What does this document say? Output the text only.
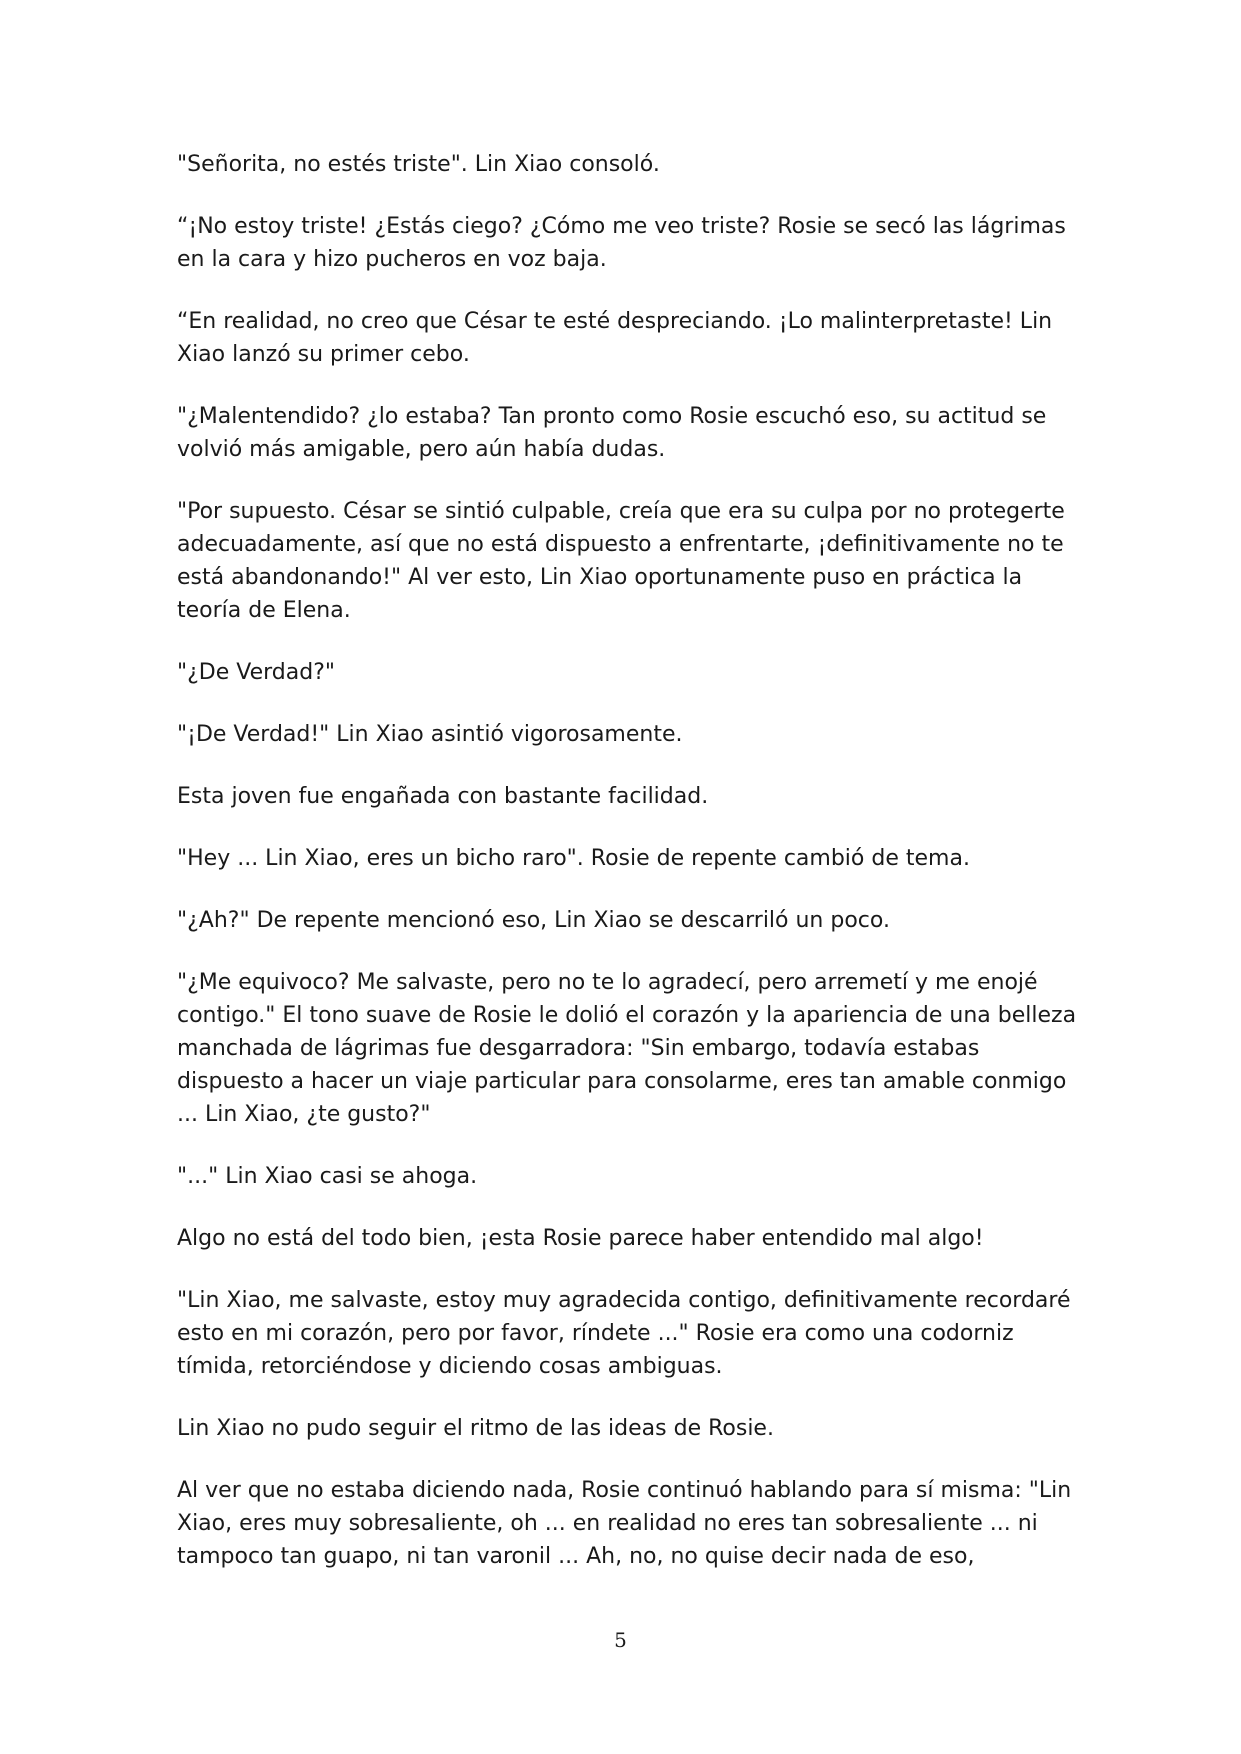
"Señorita, no estés triste". Lin Xiao consoló.

“¡No estoy triste! ¿Estás ciego? ¿Cómo me veo triste? Rosie se secó las lágrimas en la cara y hizo pucheros en voz baja.

“En realidad, no creo que César te esté despreciando. ¡Lo malinterpretaste! Lin Xiao lanzó su primer cebo.

"¿Malentendido? ¿lo estaba? Tan pronto como Rosie escuchó eso, su actitud se volvió más amigable, pero aún había dudas.

"Por supuesto. César se sintió culpable, creía que era su culpa por no protegerte adecuadamente, así que no está dispuesto a enfrentarte, ¡definitivamente no te está abandonando!" Al ver esto, Lin Xiao oportunamente puso en práctica la teoría de Elena.

"¿De Verdad?"

"¡De Verdad!" Lin Xiao asintió vigorosamente.

Esta joven fue engañada con bastante facilidad.

"Hey ... Lin Xiao, eres un bicho raro". Rosie de repente cambió de tema.

"¿Ah?" De repente mencionó eso, Lin Xiao se descarriló un poco.

"¿Me equivoco? Me salvaste, pero no te lo agradecí, pero arremetí y me enojé contigo." El tono suave de Rosie le dolió el corazón y la apariencia de una belleza manchada de lágrimas fue desgarradora: "Sin embargo, todavía estabas dispuesto a hacer un viaje particular para consolarme, eres tan amable conmigo ... Lin Xiao, ¿te gusto?"

"..." Lin Xiao casi se ahoga.

Algo no está del todo bien, ¡esta Rosie parece haber entendido mal algo!

"Lin Xiao, me salvaste, estoy muy agradecida contigo, definitivamente recordaré esto en mi corazón, pero por favor, ríndete ..." Rosie era como una codorniz tímida, retorciéndose y diciendo cosas ambiguas.

Lin Xiao no pudo seguir el ritmo de las ideas de Rosie.

Al ver que no estaba diciendo nada, Rosie continuó hablando para sí misma: "Lin Xiao, eres muy sobresaliente, oh ... en realidad no eres tan sobresaliente ... ni tampoco tan guapo, ni tan varonil ... Ah, no, no quise decir nada de eso,

5
